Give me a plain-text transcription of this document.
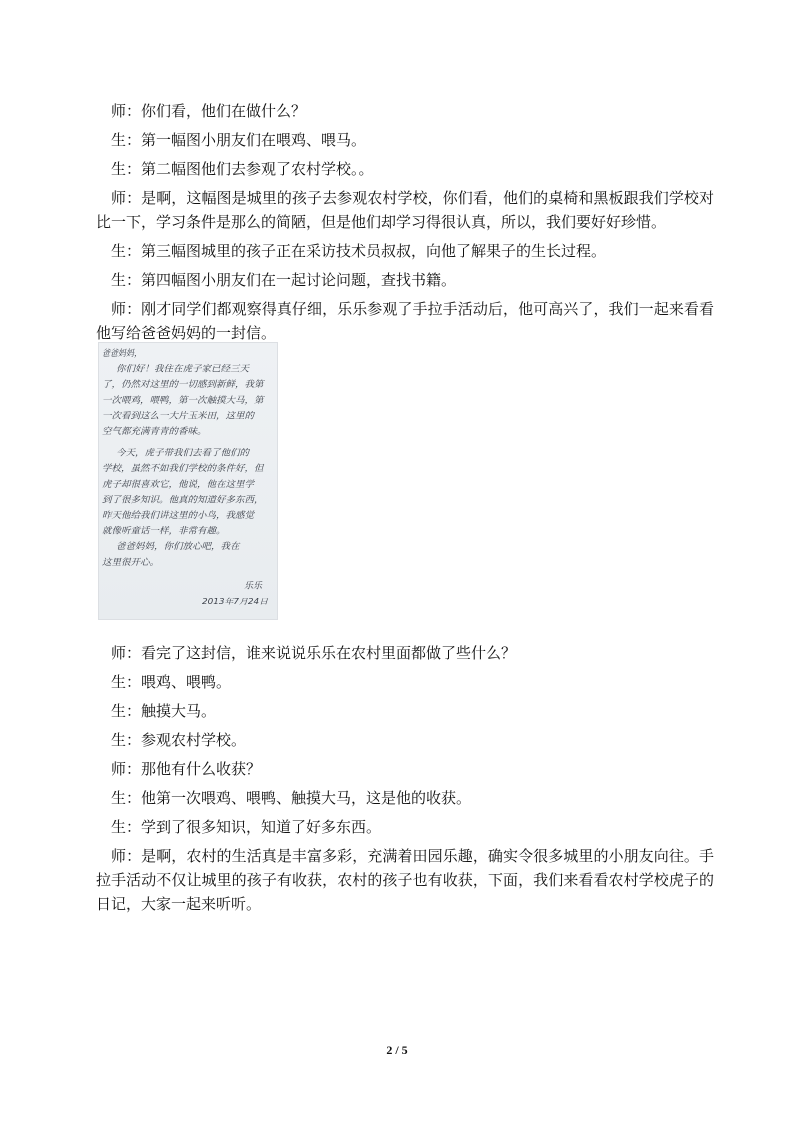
师：你们看，他们在做什么？

生：第一幅图小朋友们在喂鸡、喂马。

生：第二幅图他们去参观了农村学校。。

师：是啊，这幅图是城里的孩子去参观农村学校，你们看，他们的桌椅和黑板跟我们学校对比一下，学习条件是那么的简陋，但是他们却学习得很认真，所以，我们要好好珍惜。

生：第三幅图城里的孩子正在采访技术员叔叔，向他了解果子的生长过程。

生：第四幅图小朋友们在一起讨论问题，查找书籍。

师：刚才同学们都观察得真仔细，乐乐参观了手拉手活动后，他可高兴了，我们一起来看看他写给爸爸妈妈的一封信。

爸爸妈妈，
你们好！我住在虎子家已经三天
了，仍然对这里的一切感到新鲜，我第
一次喂鸡，喂鸭，第一次触摸大马，第
一次看到这么一大片玉米田，这里的
空气都充满青青的香味。
今天，虎子带我们去看了他们的
学校，虽然不如我们学校的条件好，但
虎子却很喜欢它，他说，他在这里学
到了很多知识。他真的知道好多东西，
昨天他给我们讲这里的小鸟，我感觉
就像听童话一样，非常有趣。
爸爸妈妈，你们放心吧，我在
这里很开心。
乐乐
2013年7月24日

师：看完了这封信，谁来说说乐乐在农村里面都做了些什么？

生：喂鸡、喂鸭。

生：触摸大马。

生：参观农村学校。

师：那他有什么收获？

生：他第一次喂鸡、喂鸭、触摸大马，这是他的收获。

生：学到了很多知识，知道了好多东西。

师：是啊，农村的生活真是丰富多彩，充满着田园乐趣，确实令很多城里的小朋友向往。手拉手活动不仅让城里的孩子有收获，农村的孩子也有收获，下面，我们来看看农村学校虎子的日记，大家一起来听听。

2 / 5
